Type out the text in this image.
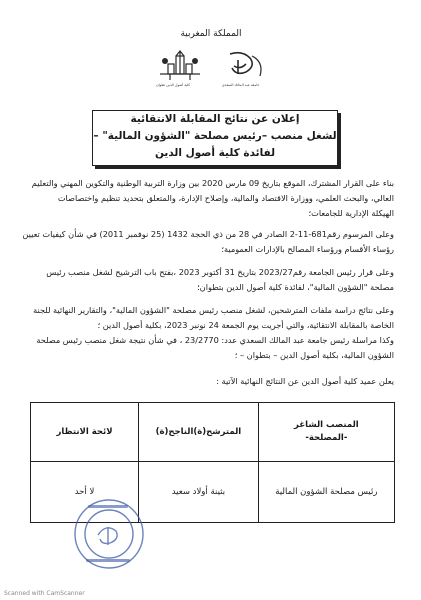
المملكة المغربية
كلية أصول الدين تطوان	جامعة عبد المالك السعدي
إعلان عن نتائج المقابلة الانتقائية
لشغل منصب –رئيس مصلحة "الشؤون المالية" –
لفائدة كلية أصول الدين

بناء على القرار المشترك، الموقع بتاريخ 09 مارس 2020 بين وزارة التربية الوطنية والتكوين المهني والتعليم

العالي، والبحث العلمي، ووزارة الاقتصاد والمالية، وإصلاح الإدارة، والمتعلق بتحديد تنظيم واختصاصات

الهيكلة الإدارية للجامعات؛

وعلى المرسوم رقم681-11-2 الصادر في 28 من ذي الحجة 1432 (25 نوفمبر 2011) في شأن كيفيات تعيين

رؤساء الأقسام ورؤساء المصالح بالإدارات العمومية؛

وعلى قرار رئيس الجامعة رقم2023/27 بتاريخ 31 أكتوبر 2023 ،بفتح باب الترشيح لشغل منصب رئيس

مصلحة "الشؤون المالية"، لفائدة كلية أصول الدين بتطوان؛

وعلى نتائج دراسة ملفات المترشحين، لشغل منصب رئيس مصلحة "الشؤون المالية"، والتقارير النهائية للجنة

الخاصة بالمقابلة الانتقائية، والتي أجريت يوم الجمعة 24 نونبر 2023، بكلية أصول الدين ؛

وكذا مراسلة رئيس جامعة عبد المالك السعدي عدد: 23/2770 ، في شأن نتيجة شغل منصب رئيس مصلحة

الشؤون المالية، بكلية أصول الدين – بتطوان – ؛

يعلن عميد كلية أصول الدين عن النتائج النهائية الآتية :

المنصب الشاغر
-المصلحة-	المترشح(ة)الناجح(ة)	لائحة الانتظار
رئيس مصلحة الشؤون المالية	بثينة أولاد سعيد	لا أحد
Scanned with CamScanner
